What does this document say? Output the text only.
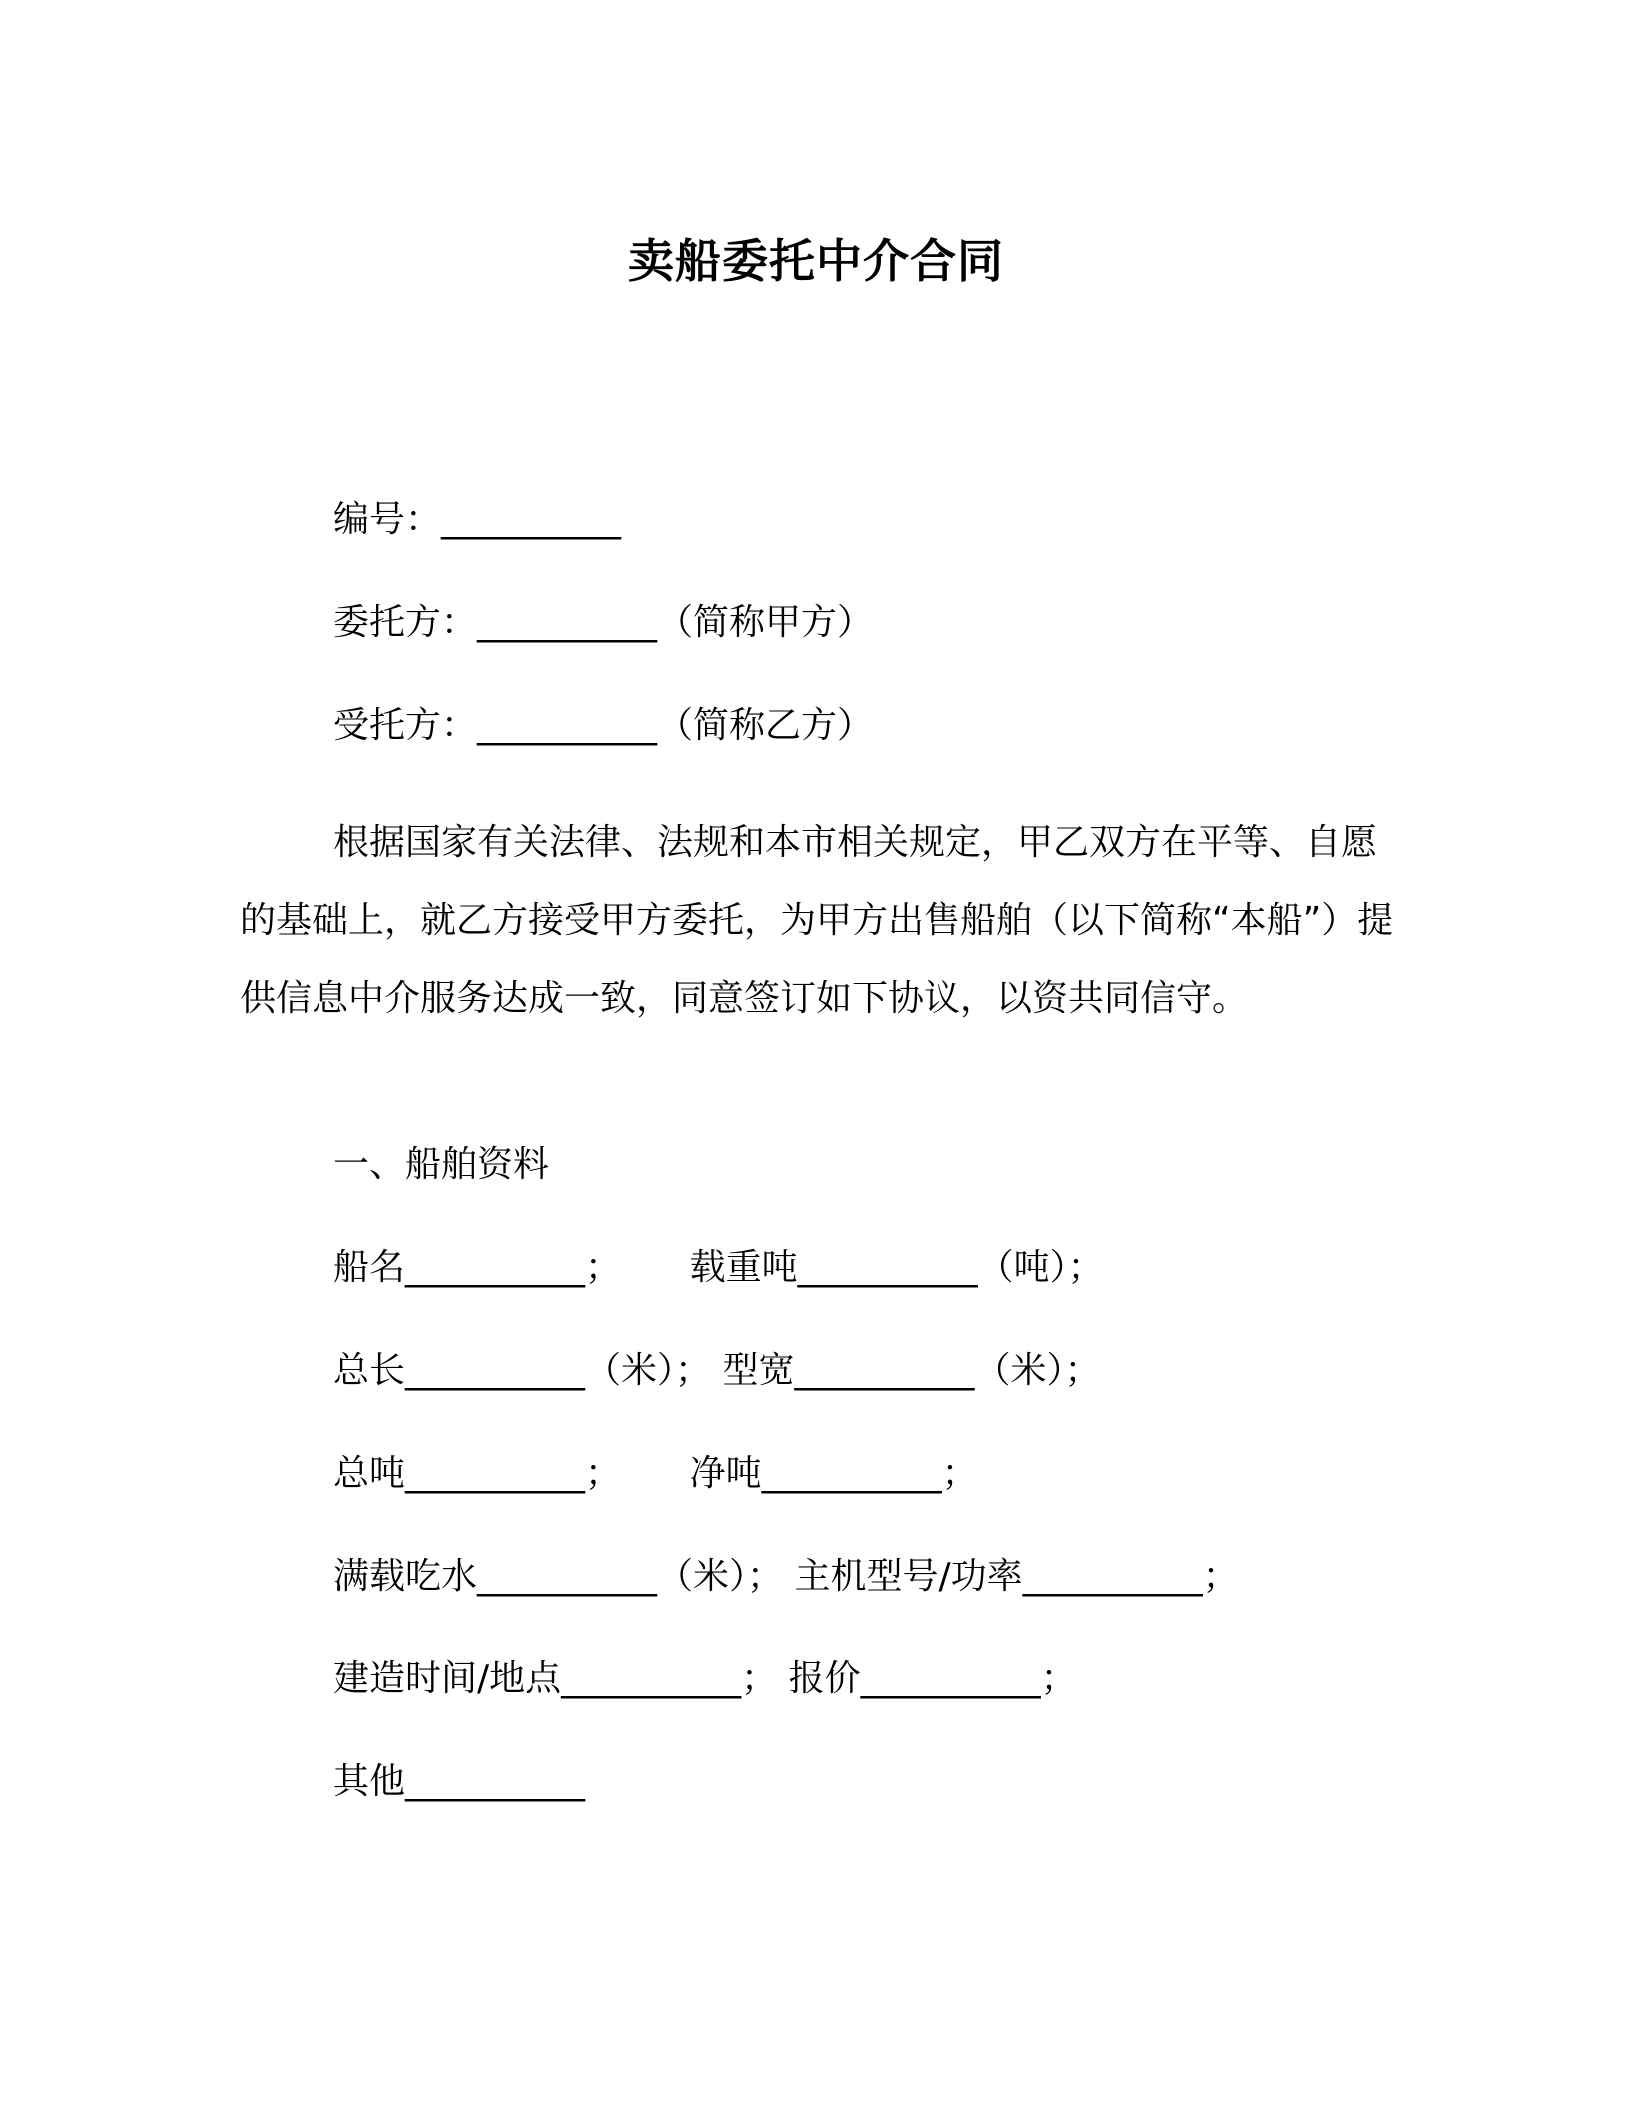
卖船委托中介合同
编号：__________
委托方：__________（简称甲方）
受托方：__________（简称乙方）
根据国家有关法律、法规和本市相关规定，甲乙双方在平等、自愿的基础上，就乙方接受甲方委托，为甲方出售船舶（以下简称“本船”）提供信息中介服务达成一致，同意签订如下协议，以资共同信守。
一、船舶资料
船名__________；      载重吨__________（吨）；
总长__________（米）； 型宽__________（米）；
总吨__________；      净吨__________；
满载吃水__________（米）； 主机型号/功率__________；
建造时间/地点__________； 报价__________；
其他__________
